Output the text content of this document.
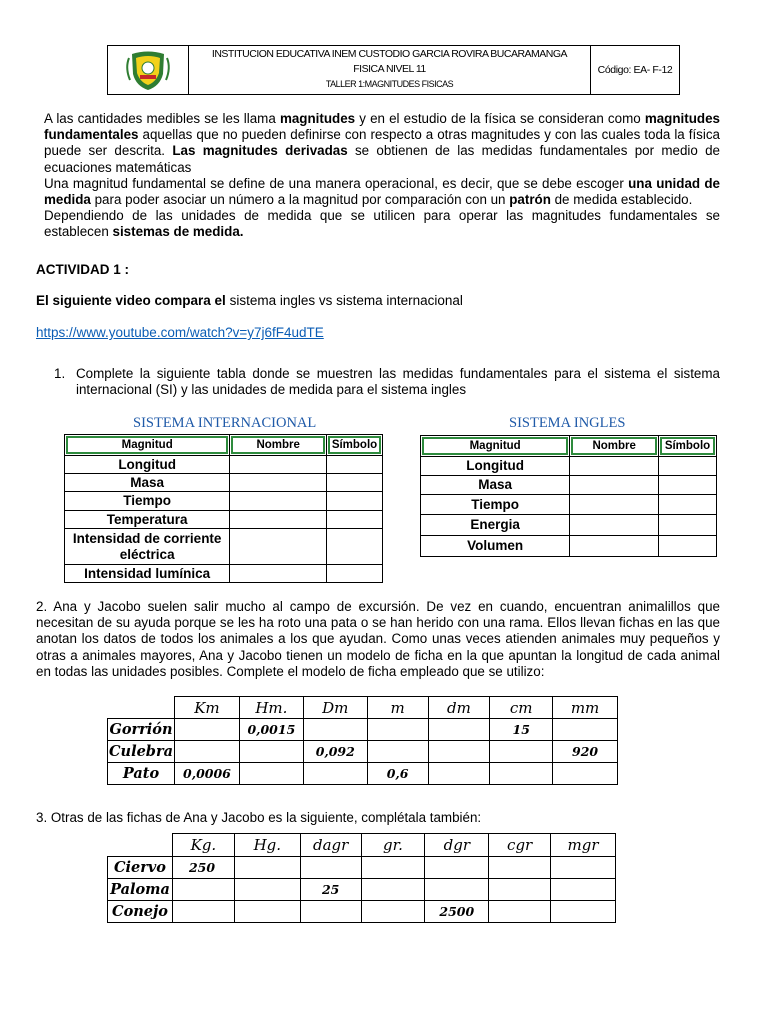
INSTITUCION EDUCATIVA INEM CUSTODIO GARCIA ROVIRA BUCARAMANGA
FISICA NIVEL 11
TALLER 1:MAGNITUDES FISICAS
Código: EA- F-12

A las cantidades medibles se les llama magnitudes y en el estudio de la física se consideran como magnitudes fundamentales aquellas que no pueden definirse con respecto a otras magnitudes y con las cuales toda la física puede ser descrita. Las magnitudes derivadas se obtienen de las medidas fundamentales por medio de ecuaciones matemáticas

Una magnitud fundamental se define de una manera operacional, es decir, que se debe escoger una unidad de medida para poder asociar un número a la magnitud por comparación con un patrón de medida establecido.

Dependiendo de las unidades de medida que se utilicen para operar las magnitudes fundamentales se establecen sistemas de medida.

ACTIVIDAD 1 :
El siguiente video compara el sistema ingles vs sistema internacional
https://www.youtube.com/watch?v=y7j6fF4udTE
1. Complete la siguiente tabla donde se muestren las medidas fundamentales para el sistema el sistema internacional (SI) y las unidades de medida para el sistema ingles
SISTEMA INTERNACIONAL
Magnitud	Nombre	Símbolo

Longitud		
Masa		
Tiempo		
Temperatura		
Intensidad de corriente eléctrica		
Intensidad lumínica		
SISTEMA INGLES
Magnitud	Nombre	Símbolo

Longitud		
Masa		
Tiempo		
Energia		
Volumen		
2. Ana y Jacobo suelen salir mucho al campo de excursión. De vez en cuando, encuentran animalillos que necesitan de su ayuda porque se les ha roto una pata o se han herido con una rama. Ellos llevan fichas en las que anotan los datos de todos los animales a los que ayudan. Como unas veces atienden animales muy pequeños y otras a animales mayores, Ana y Jacobo tienen un modelo de ficha en la que apuntan la longitud de cada animal en todas las unidades posibles. Complete el modelo de ficha empleado que se utilizo:
	Km	Hm.	Dm	m	dm	cm	mm
Gorrión		0,0015				15	
Culebra			0,092				920
Pato	0,0006			0,6			
3. Otras de las fichas de Ana y Jacobo es la siguiente, complétala también:
	Kg.	Hg.	dagr	gr.	dgr	cgr	mgr
Ciervo	250						
Paloma			25				
Conejo					2500		
